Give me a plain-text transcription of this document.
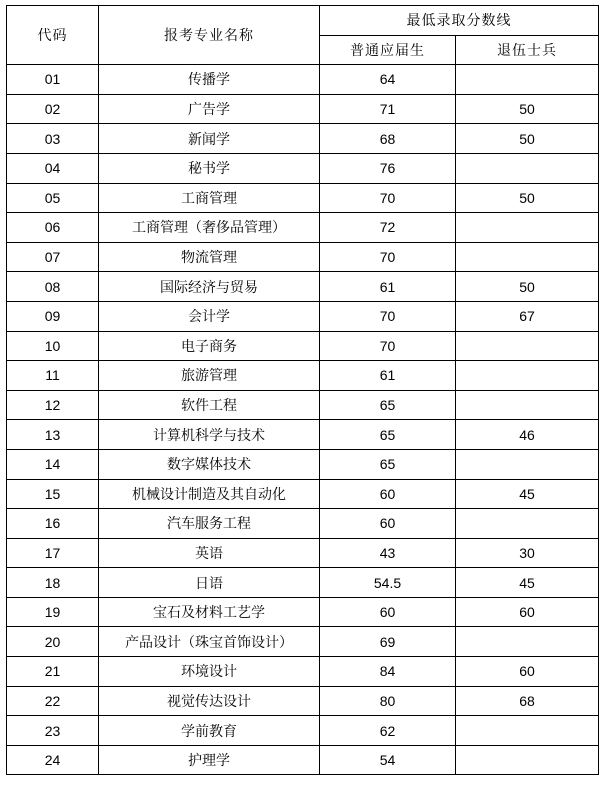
代码	报考专业名称	最低录取分数线	
		普通应届生	退伍士兵
01	传播学	64	
02	广告学	71	50
03	新闻学	68	50
04	秘书学	76	
05	工商管理	70	50
06	工商管理（奢侈品管理）	72	
07	物流管理	70	
08	国际经济与贸易	61	50
09	会计学	70	67
10	电子商务	70	
11	旅游管理	61	
12	软件工程	65	
13	计算机科学与技术	65	46
14	数字媒体技术	65	
15	机械设计制造及其自动化	60	45
16	汽车服务工程	60	
17	英语	43	30
18	日语	54.5	45
19	宝石及材料工艺学	60	60
20	产品设计（珠宝首饰设计）	69	
21	环境设计	84	60
22	视觉传达设计	80	68
23	学前教育	62	
24	护理学	54	
